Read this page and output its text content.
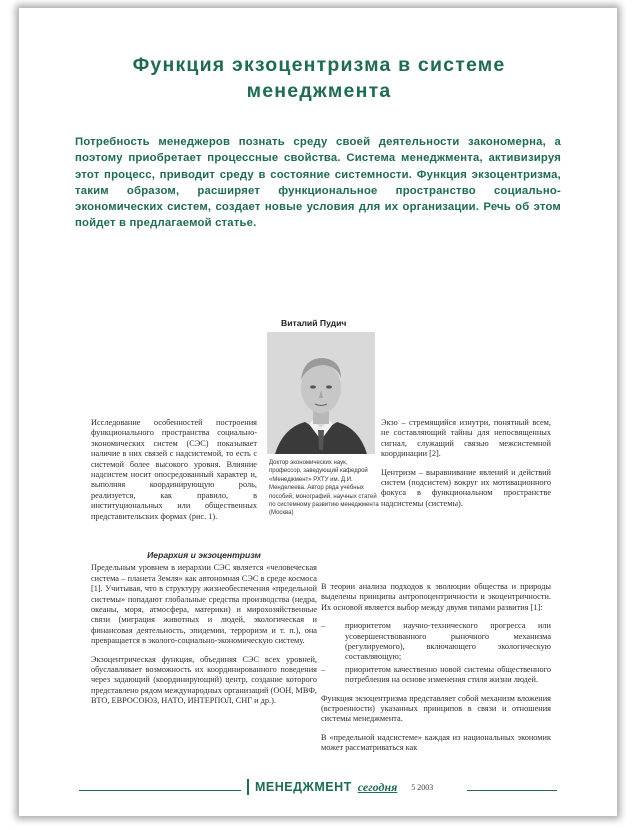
Функция экзоцентризма в системе менеджмента

Потребность менеджеров познать среду своей деятельности закономерна, а поэтому приобретает процессные свойства. Система менеджмента, активизируя этот процесс, приводит среду в состояние системности. Функция экзоцентризма, таким образом, расширяет функциональное пространство социально-экономических систем, создает новые условия для их организации. Речь об этом пойдет в предлагаемой статье.

Виталий Пудич

Доктор экономических наук, профессор, заведующий кафедрой «Менеджмент» РХТУ им. Д.И. Менделеева. Автор ряда учебных пособий, монографий, научных статей по системному развитию менеджмента (Москва)

Исследование особенностей построения функционального пространства социально-экономических систем (СЭС) показывает наличие в них связей с надсистемой, то есть с системой более высокого уровня. Влияние надсистем носит опосредованный характер и, выполняя координирующую роль, реализуется, как правило, в институциональных или общественных представительских формах (рис. 1).

Иерархия и экзоцентризм

Предельным уровнем в иерархии СЭС является «человеческая система – планета Земля» как автономная СЭС в среде космоса [1]. Учитывая, что в структуру жизнеобеспечения «предельной системы» попадают глобальные средства производства (недра, океаны, моря, атмосфера, материки) и мирохозяйственные связи (миграция животных и людей, экологическая и финансовая деятельность, эпидемии, терроризм и т. п.), она превращается в эколого-социально-экономическую систему.

Экзоцентрическая функция, объединяя СЭС всех уровней, обуславливает возможность их координированного поведения через задающий (координирующий) центр, создание которого представлено рядом международных организаций (ООН, МВФ, ВТО, ЕВРОСОЮЗ, НАТО, ИНТЕРПОЛ, СНГ и др.).

Экзо – стремящийся изнутри, понятный всем, не составляющий тайны для непосвященных сигнал, служащий связью межсистемной координации [2].

Центризм – выравнивание явлений и действий систем (подсистем) вокруг их мотивационного фокуса в функциональном пространстве надсистемы (системы).

В теории анализа подходов к эволюции общества и природы выделены принципы антропоцентричности и экоцентричности. Их основой является выбор между двумя типами развития [1]:

– приоритетом научно-технического прогресса или усовершенствованного рыночного механизма (регулируемого), включающего экологическую составляющую;
– приоритетом качественно новой системы общественного потребления на основе изменения стиля жизни людей.

Функция экзоцентризма представляет собой механизм вложения (встроенности) указанных принципов в связи и отношения системы менеджмента.

В «предельной надсистеме» каждая из национальных экономик может рассматриваться как

МЕНЕДЖМЕНТ сегодня 5 2003
